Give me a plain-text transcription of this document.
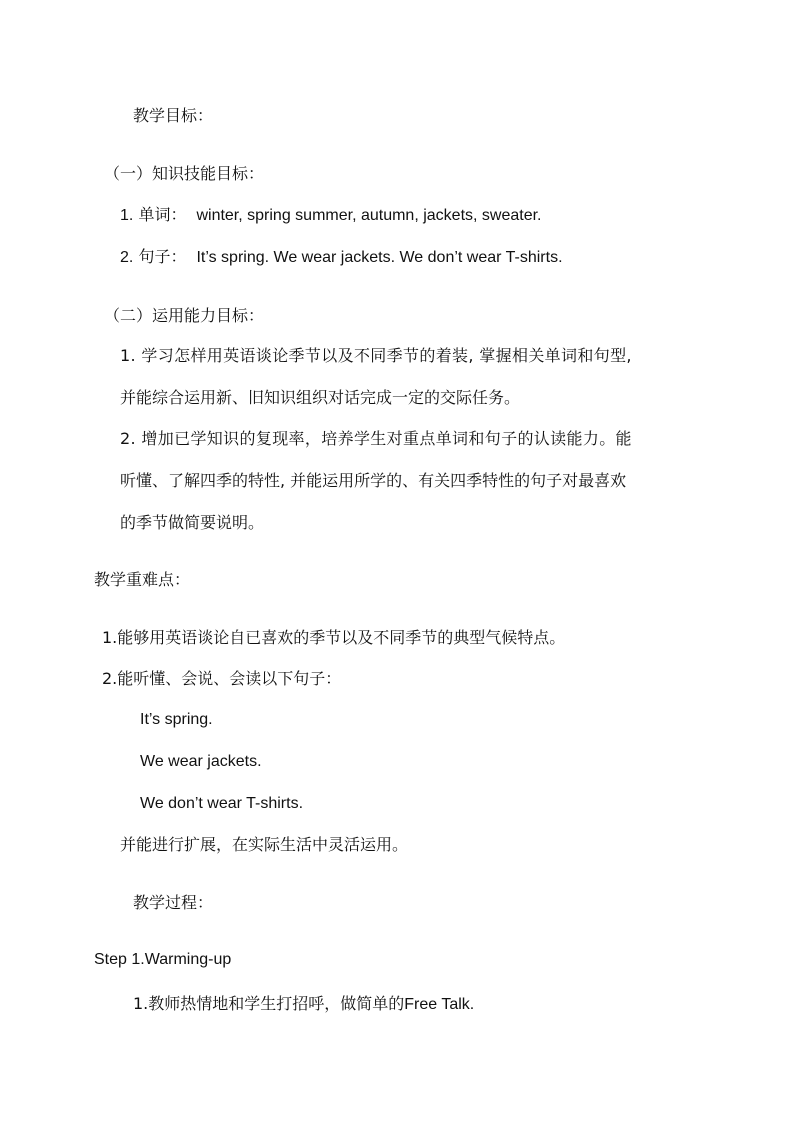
教学目标：
（一）知识技能目标：
1. 单词： winter, spring summer, autumn, jackets, sweater.
2. 句子： It’s spring. We wear jackets. We don’t wear T-shirts.
（二）运用能力目标：
1. 学习怎样用英语谈论季节以及不同季节的着装, 掌握相关单词和句型,
并能综合运用新、旧知识组织对话完成一定的交际任务。
2. 增加已学知识的复现率，培养学生对重点单词和句子的认读能力。能
听懂、了解四季的特性, 并能运用所学的、有关四季特性的句子对最喜欢
的季节做简要说明。
教学重难点：
1.能够用英语谈论自已喜欢的季节以及不同季节的典型气候特点。
2.能听懂、会说、会读以下句子：
It’s spring.
We wear jackets.
We don’t wear T-shirts.
并能进行扩展，在实际生活中灵活运用。
教学过程：
Step 1.Warming-up
1.教师热情地和学生打招呼，做简单的Free Talk.
